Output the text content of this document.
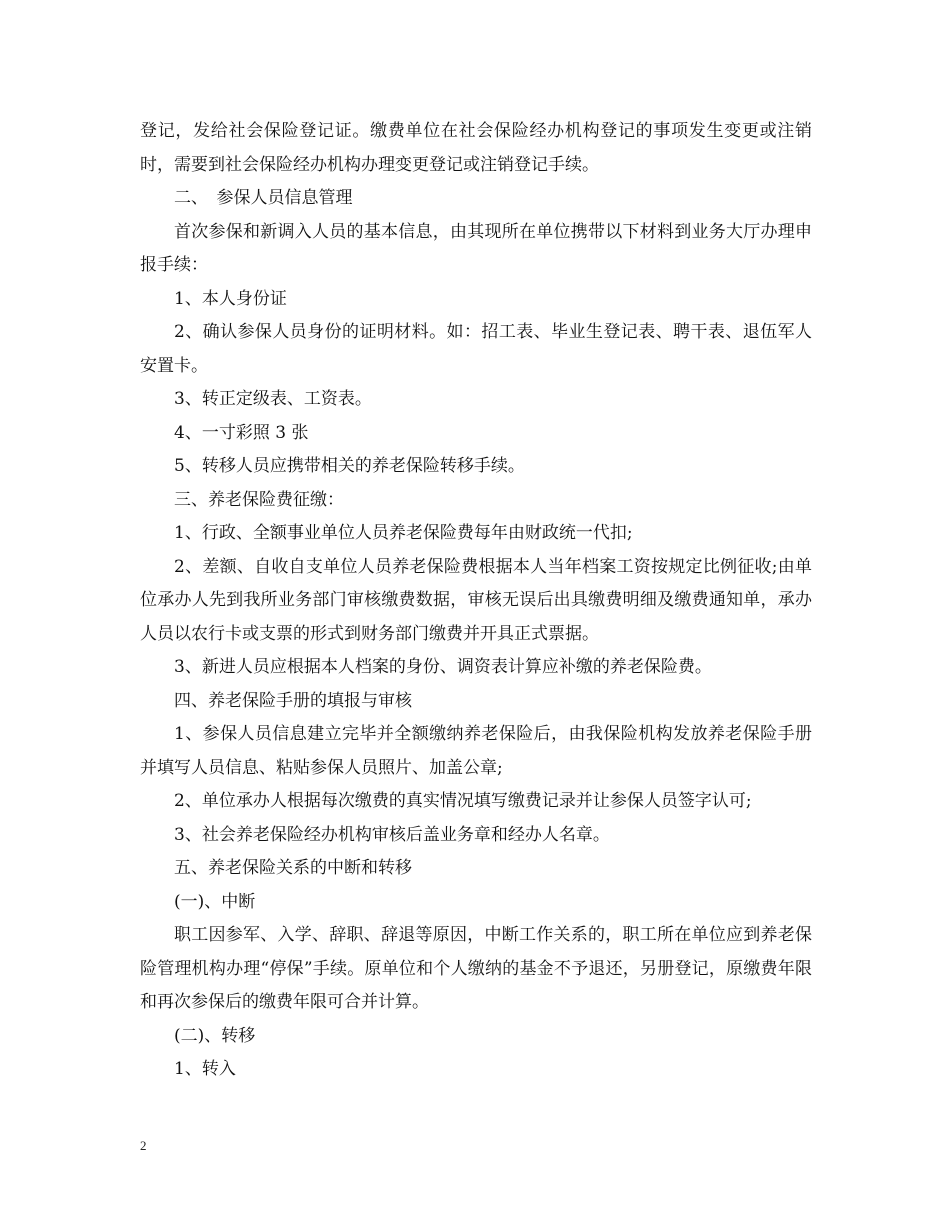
登记，发给社会保险登记证。缴费单位在社会保险经办机构登记的事项发生变更或注销时，需要到社会保险经办机构办理变更登记或注销登记手续。

二、　参保人员信息管理

首次参保和新调入人员的基本信息，由其现所在单位携带以下材料到业务大厅办理申报手续：

1、本人身份证

2、确认参保人员身份的证明材料。如：招工表、毕业生登记表、聘干表、退伍军人安置卡。

3、转正定级表、工资表。

4、一寸彩照 3 张

5、转移人员应携带相关的养老保险转移手续。

三、养老保险费征缴：

1、行政、全额事业单位人员养老保险费每年由财政统一代扣;

2、差额、自收自支单位人员养老保险费根据本人当年档案工资按规定比例征收;由单位承办人先到我所业务部门审核缴费数据，审核无误后出具缴费明细及缴费通知单，承办人员以农行卡或支票的形式到财务部门缴费并开具正式票据。

3、新进人员应根据本人档案的身份、调资表计算应补缴的养老保险费。

四、养老保险手册的填报与审核

1、参保人员信息建立完毕并全额缴纳养老保险后，由我保险机构发放养老保险手册并填写人员信息、粘贴参保人员照片、加盖公章;

2、单位承办人根据每次缴费的真实情况填写缴费记录并让参保人员签字认可;

3、社会养老保险经办机构审核后盖业务章和经办人名章。

五、养老保险关系的中断和转移

(一)、中断

职工因参军、入学、辞职、辞退等原因，中断工作关系的，职工所在单位应到养老保险管理机构办理“停保”手续。原单位和个人缴纳的基金不予退还，另册登记，原缴费年限和再次参保后的缴费年限可合并计算。

(二)、转移

1、转入

2
